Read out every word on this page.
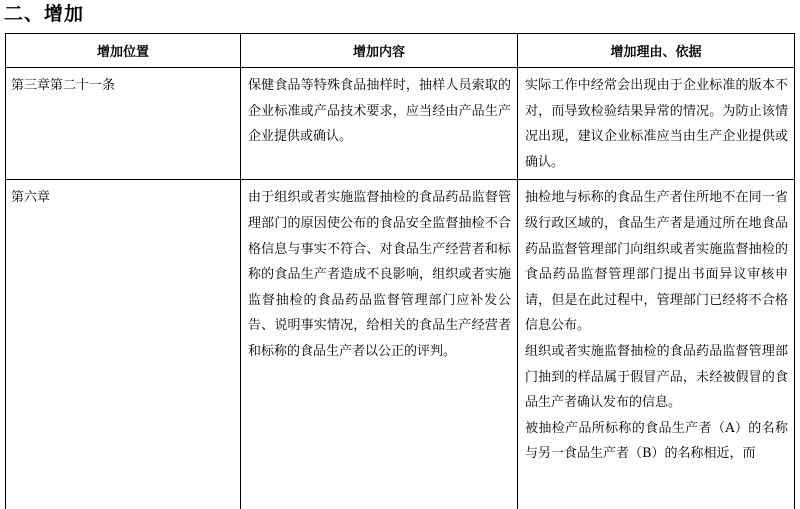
二、增加
增加位置	增加内容	增加理由、依据

第三章第二十一条	保健食品等特殊食品抽样时，抽样人员索取的企业标准或产品技术要求，应当经由产品生产企业提供或确认。	实际工作中经常会出现由于企业标准的版本不对，而导致检验结果异常的情况。为防止该情况出现，建议企业标准应当由生产企业提供或确认。

第六章	由于组织或者实施监督抽检的食品药品监督管理部门的原因使公布的食品安全监督抽检不合格信息与事实不符合、对食品生产经营者和标称的食品生产者造成不良影响，组织或者实施监督抽检的食品药品监督管理部门应补发公告、说明事实情况，给相关的食品生产经营者和标称的食品生产者以公正的评判。	抽检地与标称的食品生产者住所地不在同一省级行政区域的，食品生产者是通过所在地食品药品监督管理部门向组织或者实施监督抽检的食品药品监督管理部门提出书面异议审核申请，但是在此过程中，管理部门已经将不合格信息公布。
组织或者实施监督抽检的食品药品监督管理部门抽到的样品属于假冒产品，未经被假冒的食品生产者确认发布的信息。
被抽检产品所标称的食品生产者（A）的名称与另一食品生产者（B）的名称相近，而
